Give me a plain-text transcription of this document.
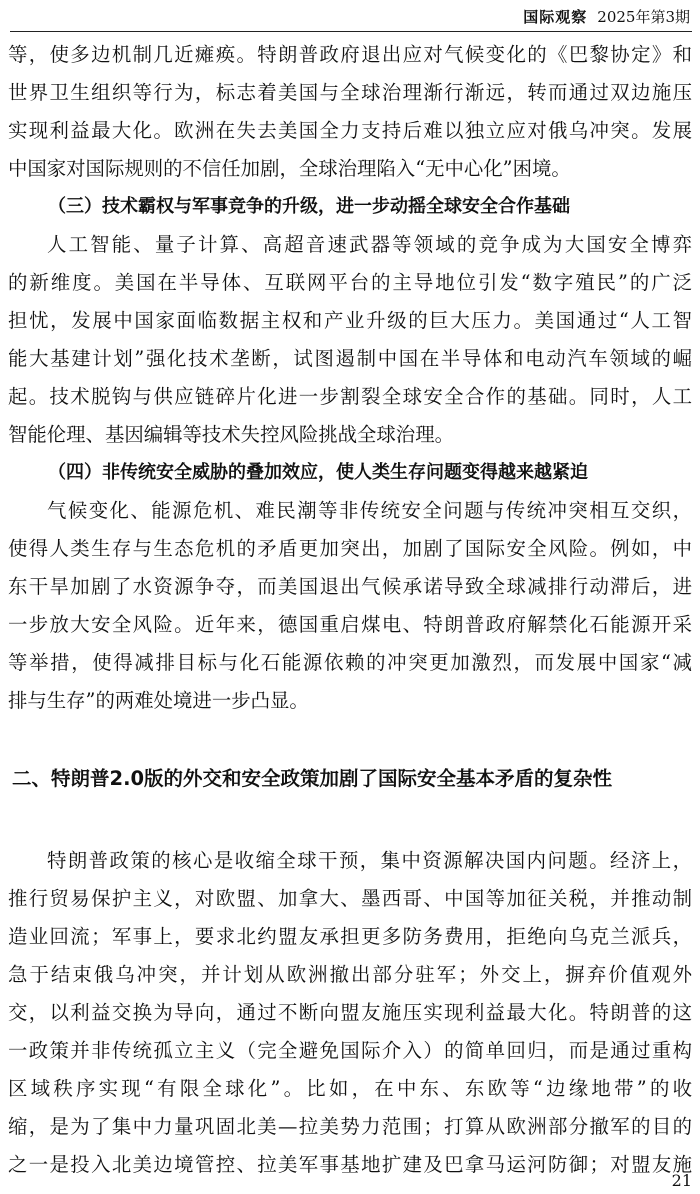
国际观察 2025年第3期
等，使多边机制几近瘫痪。特朗普政府退出应对气候变化的《巴黎协定》和
世界卫生组织等行为，标志着美国与全球治理渐行渐远，转而通过双边施压
实现利益最大化。欧洲在失去美国全力支持后难以独立应对俄乌冲突。发展
中国家对国际规则的不信任加剧，全球治理陷入“无中心化”困境。
（三）技术霸权与军事竞争的升级，进一步动摇全球安全合作基础
人工智能、量子计算、高超音速武器等领域的竞争成为大国安全博弈
的新维度。美国在半导体、互联网平台的主导地位引发“数字殖民”的广泛
担忧，发展中国家面临数据主权和产业升级的巨大压力。美国通过“人工智
能大基建计划”强化技术垄断，试图遏制中国在半导体和电动汽车领域的崛
起。技术脱钩与供应链碎片化进一步割裂全球安全合作的基础。同时，人工
智能伦理、基因编辑等技术失控风险挑战全球治理。
（四）非传统安全威胁的叠加效应，使人类生存问题变得越来越紧迫
气候变化、能源危机、难民潮等非传统安全问题与传统冲突相互交织，
使得人类生存与生态危机的矛盾更加突出，加剧了国际安全风险。例如，中
东干旱加剧了水资源争夺，而美国退出气候承诺导致全球减排行动滞后，进
一步放大安全风险。近年来，德国重启煤电、特朗普政府解禁化石能源开采
等举措，使得减排目标与化石能源依赖的冲突更加激烈，而发展中国家“减
排与生存”的两难处境进一步凸显。
二、特朗普2.0版的外交和安全政策加剧了国际安全基本矛盾的复杂性
特朗普政策的核心是收缩全球干预，集中资源解决国内问题。经济上，
推行贸易保护主义，对欧盟、加拿大、墨西哥、中国等加征关税，并推动制
造业回流；军事上，要求北约盟友承担更多防务费用，拒绝向乌克兰派兵，
急于结束俄乌冲突，并计划从欧洲撤出部分驻军；外交上，摒弃价值观外
交，以利益交换为导向，通过不断向盟友施压实现利益最大化。特朗普的这
一政策并非传统孤立主义（完全避免国际介入）的简单回归，而是通过重构
区域秩序实现“有限全球化”。比如，在中东、东欧等“边缘地带”的收
缩，是为了集中力量巩固北美—拉美势力范围；打算从欧洲部分撤军的目的
之一是投入北美边境管控、拉美军事基地扩建及巴拿马运河防御；对盟友施
21
